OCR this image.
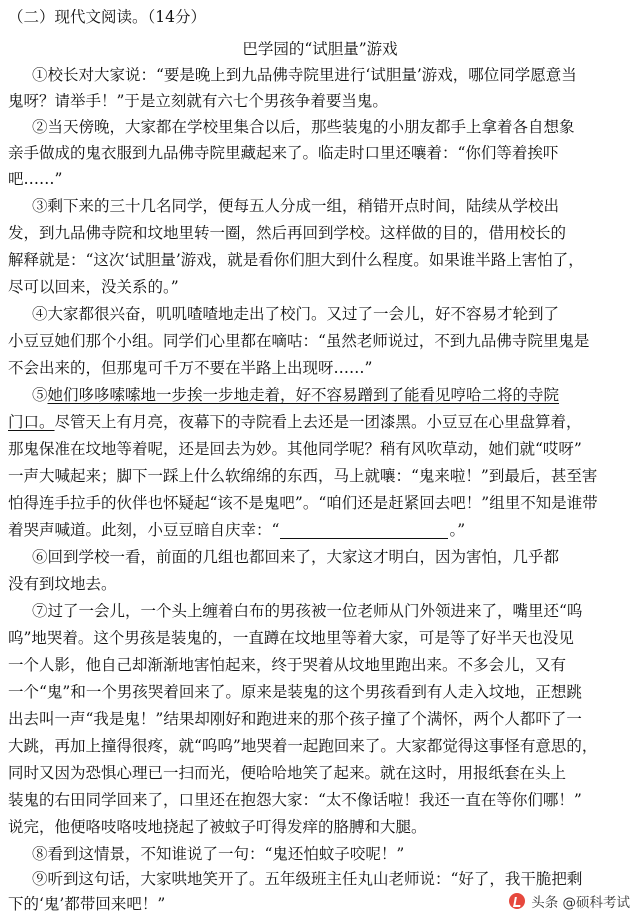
（二）现代文阅读。（14分）
巴学园的“试胆量”游戏
①校长对大家说：“要是晚上到九品佛寺院里进行‘试胆量’游戏，哪位同学愿意当
鬼呀？请举手！”于是立刻就有六七个男孩争着要当鬼。
②当天傍晚，大家都在学校里集合以后，那些装鬼的小朋友都手上拿着各自想象
亲手做成的鬼衣服到九品佛寺院里藏起来了。临走时口里还嚷着：“你们等着挨吓
吧……”
③剩下来的三十几名同学，便每五人分成一组，稍错开点时间，陆续从学校出
发，到九品佛寺院和坟地里转一圈，然后再回到学校。这样做的目的，借用校长的
解释就是：“这次‘试胆量’游戏，就是看你们胆大到什么程度。如果谁半路上害怕了，
尽可以回来，没关系的。”
④大家都很兴奋，叽叽喳喳地走出了校门。又过了一会儿，好不容易才轮到了
小豆豆她们那个小组。同学们心里都在嘀咕：“虽然老师说过，不到九品佛寺院里鬼是
不会出来的，但那鬼可千万不要在半路上出现呀……”
⑤她们哆哆嗦嗦地一步挨一步地走着，好不容易蹭到了能看见哼哈二将的寺院
门口。尽管天上有月亮，夜幕下的寺院看上去还是一团漆黑。小豆豆在心里盘算着，
那鬼保准在坟地等着呢，还是回去为妙。其他同学呢？稍有风吹草动，她们就“哎呀”
一声大喊起来；脚下一踩上什么软绵绵的东西，马上就嚷：“鬼来啦！”到最后，甚至害
怕得连手拉手的伙伴也怀疑起“该不是鬼吧”。“咱们还是赶紧回去吧！”组里不知是谁带
着哭声喊道。此刻，小豆豆暗自庆幸：“	。”
⑥回到学校一看，前面的几组也都回来了，大家这才明白，因为害怕，几乎都
没有到坟地去。
⑦过了一会儿，一个头上缠着白布的男孩被一位老师从门外领进来了，嘴里还“呜
呜”地哭着。这个男孩是装鬼的，一直蹲在坟地里等着大家，可是等了好半天也没见
一个人影，他自己却渐渐地害怕起来，终于哭着从坟地里跑出来。不多会儿，又有
一个“鬼”和一个男孩哭着回来了。原来是装鬼的这个男孩看到有人走入坟地，正想跳
出去叫一声“我是鬼！”结果却刚好和跑进来的那个孩子撞了个满怀，两个人都吓了一
大跳，再加上撞得很疼，就“呜呜”地哭着一起跑回来了。大家都觉得这事怪有意思的，
同时又因为恐惧心理已一扫而光，便哈哈地笑了起来。就在这时，用报纸套在头上
装鬼的右田同学回来了，口里还在抱怨大家：“太不像话啦！我还一直在等你们哪！”
说完，他便咯吱咯吱地挠起了被蚊子叮得发痒的胳膊和大腿。
⑧看到这情景，不知谁说了一句：“鬼还怕蚊子咬呢！”
⑨听到这句话，大家哄地笑开了。五年级班主任丸山老师说：“好了，我干脆把剩
下的‘鬼’都带回来吧！”	头条 @硕科考试
